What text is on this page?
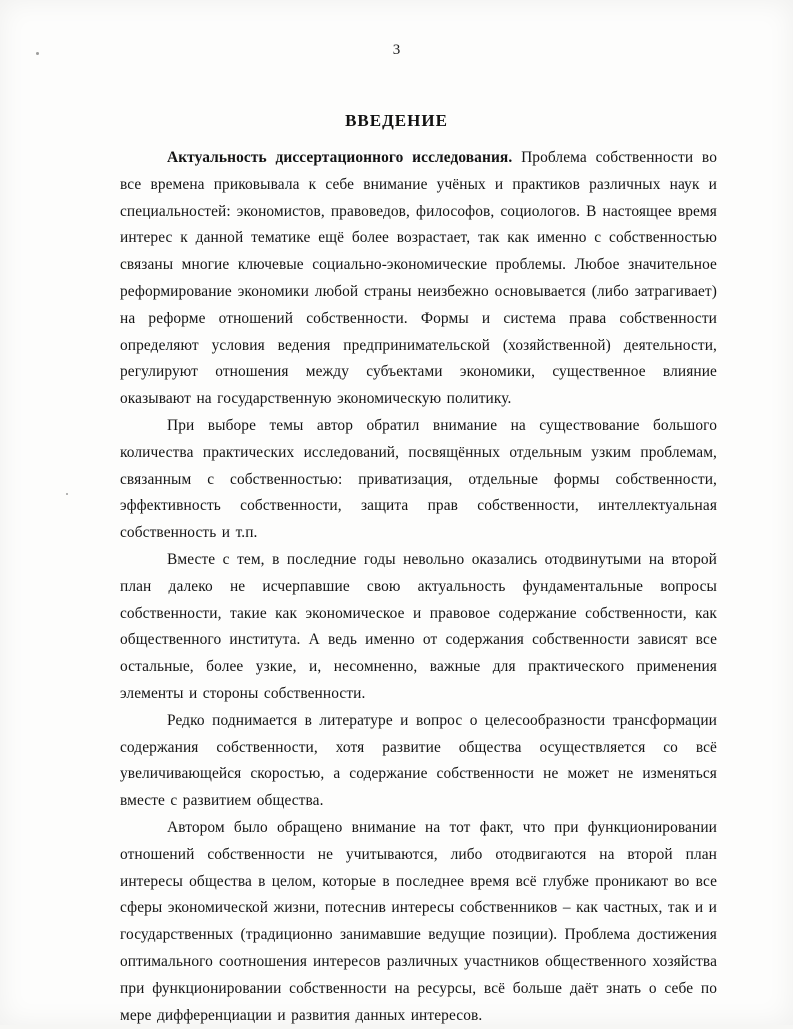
3
ВВЕДЕНИЕ

Актуальность диссертационного исследования. Проблема собственности во все времена приковывала к себе внимание учёных и практиков различных наук и специальностей: экономистов, правоведов, философов, социологов. В настоящее время интерес к данной тематике ещё более возрастает, так как именно с собственностью связаны многие ключевые социально-экономические проблемы. Любое значительное реформирование экономики любой страны неизбежно основывается (либо затрагивает) на реформе отношений собственности. Формы и система права собственности определяют условия ведения предпринимательской (хозяйственной) деятельности, регулируют отношения между субъектами экономики, существенное влияние оказывают на государственную экономическую политику.

При выборе темы автор обратил внимание на существование большого количества практических исследований, посвящённых отдельным узким проблемам, связанным с собственностью: приватизация, отдельные формы собственности, эффективность собственности, защита прав собственности, интеллектуальная собственность и т.п.

Вместе с тем, в последние годы невольно оказались отодвинутыми на второй план далеко не исчерпавшие свою актуальность фундаментальные вопросы собственности, такие как экономическое и правовое содержание собственности, как общественного института. А ведь именно от содержания собственности зависят все остальные, более узкие, и, несомненно, важные для практического применения элементы и стороны собственности.

Редко поднимается в литературе и вопрос о целесообразности трансформации содержания собственности, хотя развитие общества осуществляется со всё увеличивающейся скоростью, а содержание собственности не может не изменяться вместе с развитием общества.

Автором было обращено внимание на тот факт, что при функционировании отношений собственности не учитываются, либо отодвигаются на второй план интересы общества в целом, которые в последнее время всё глубже проникают во все сферы экономической жизни, потеснив интересы собственников – как частных, так и и государственных (традиционно занимавшие ведущие позиции). Проблема достижения оптимального соотношения интересов различных участников общественного хозяйства при функционировании собственности на ресурсы, всё больше даёт знать о себе по мере дифференциации и развития данных интересов.
